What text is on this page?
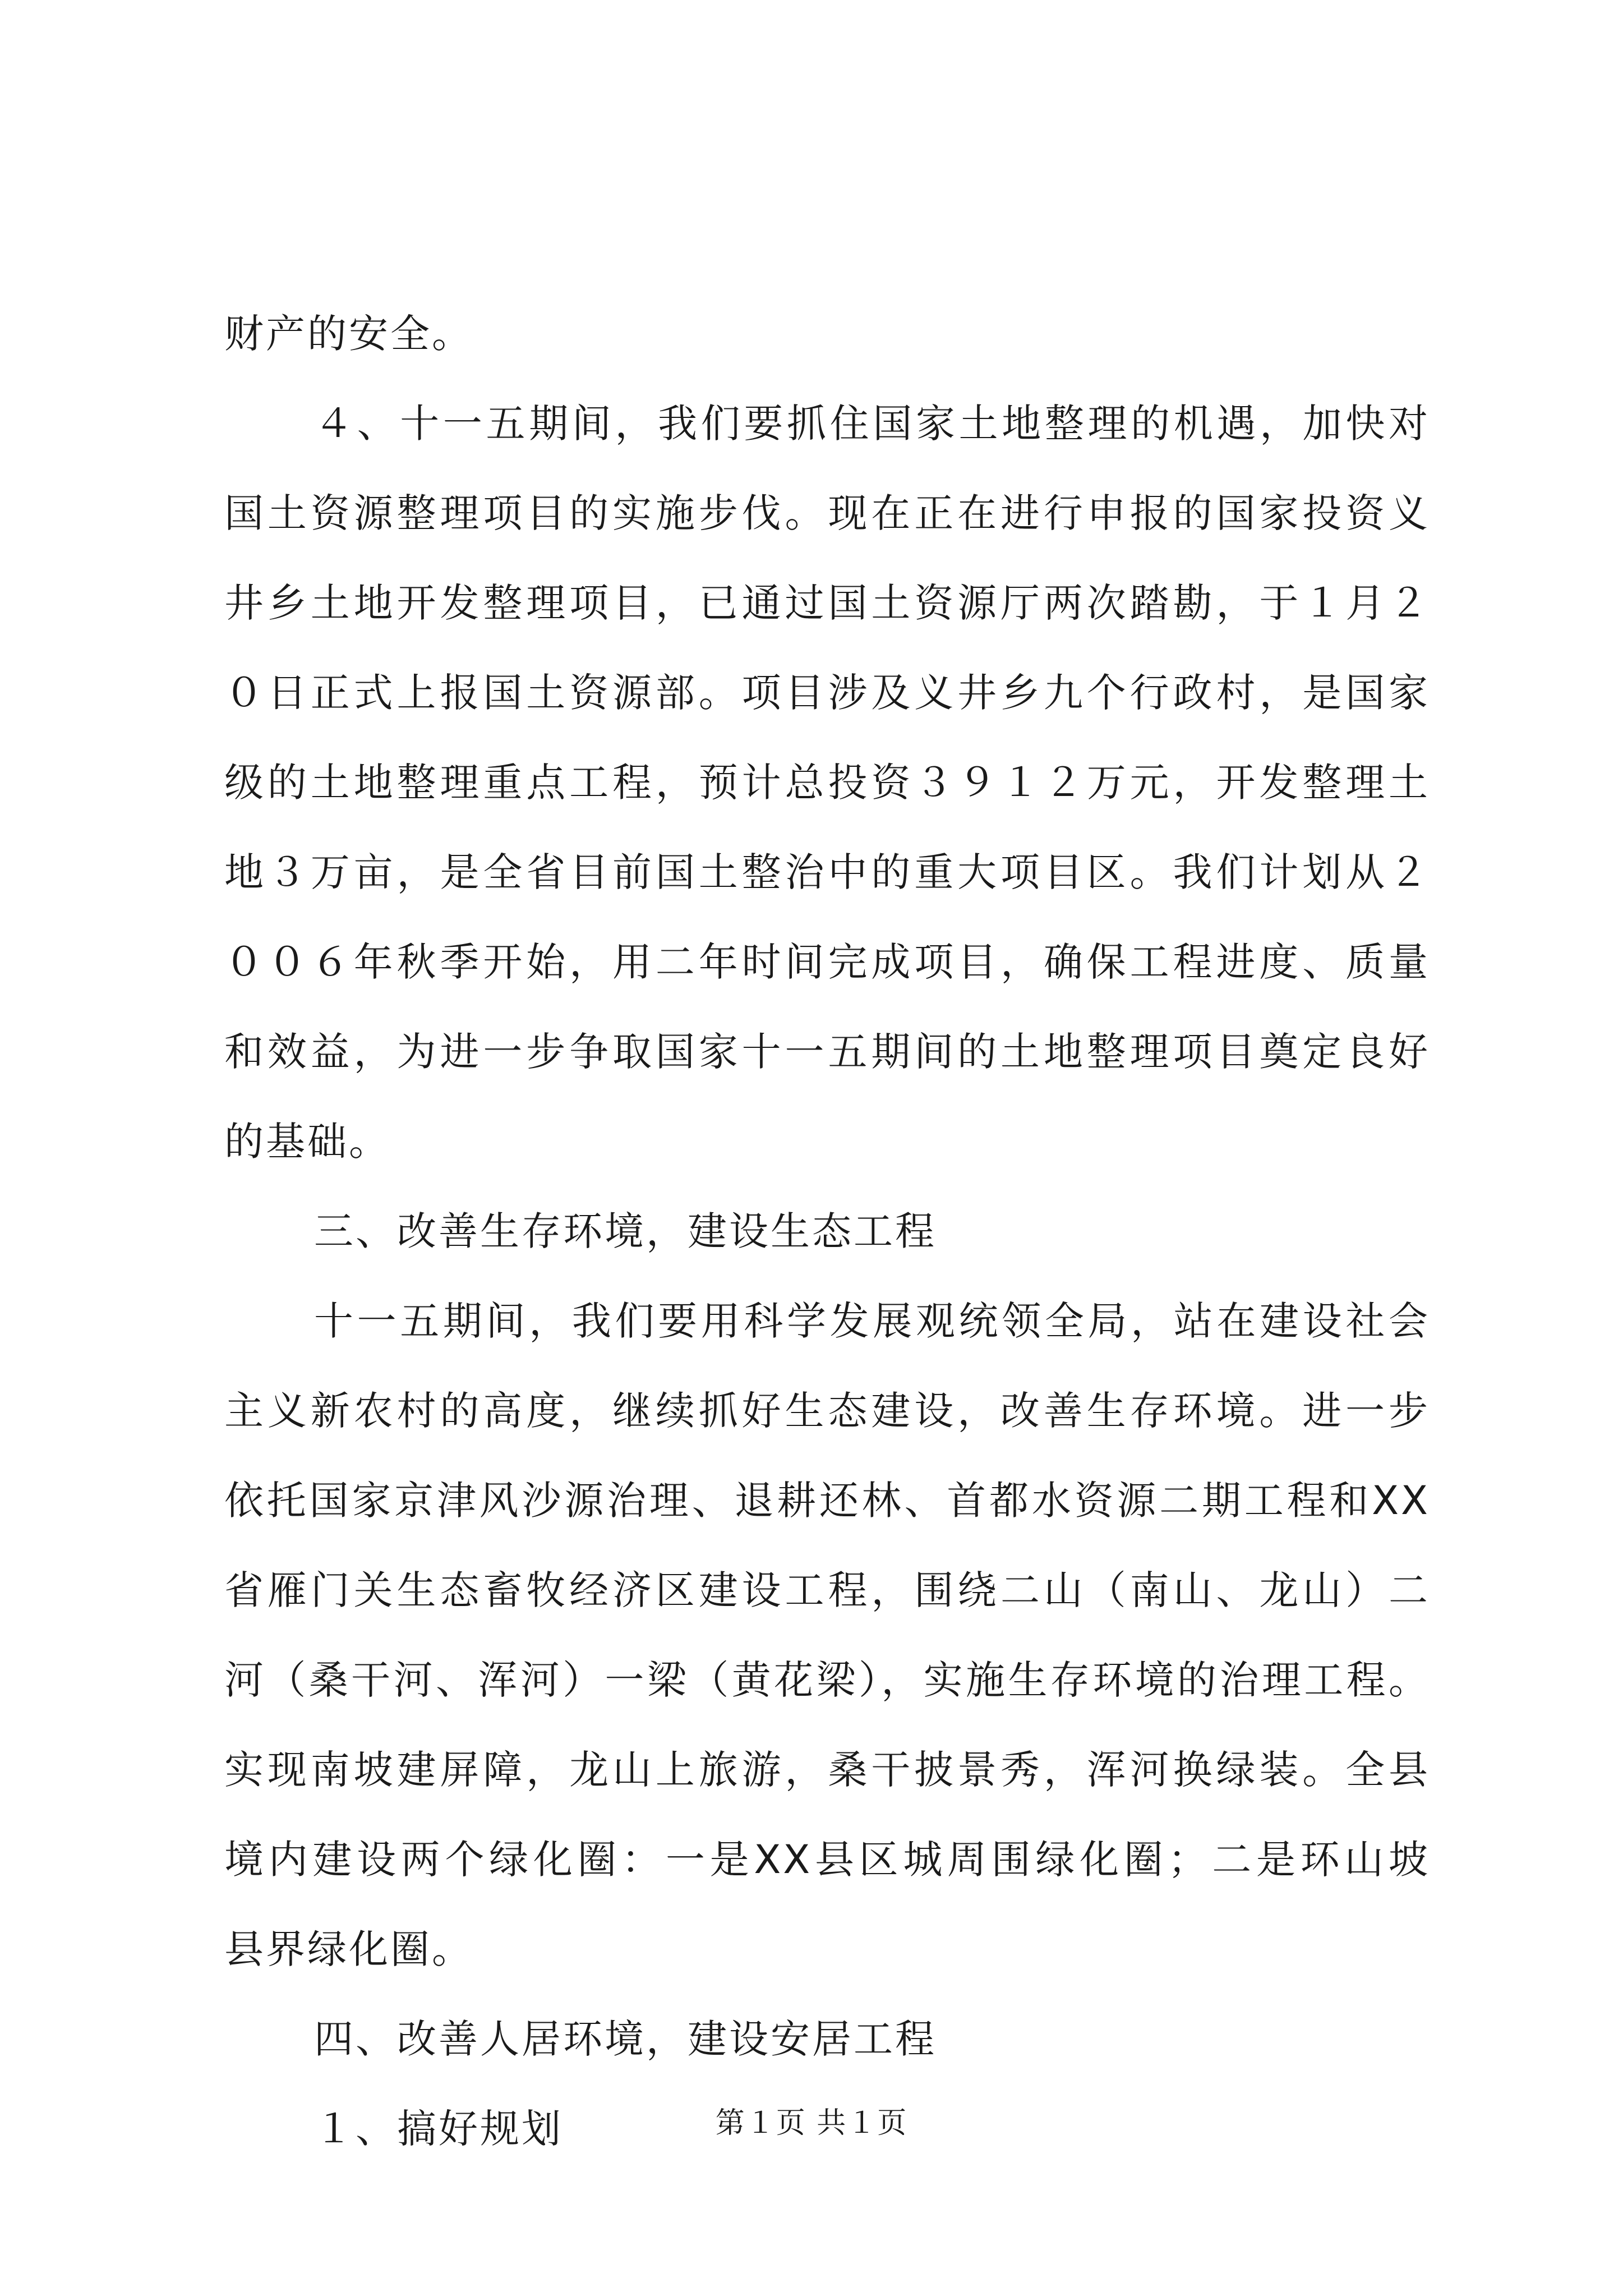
财产的安全。
４、十一五期间，我们要抓住国家土地整理的机遇，加快对
国土资源整理项目的实施步伐。现在正在进行申报的国家投资义
井乡土地开发整理项目，已通过国土资源厅两次踏勘，于１月２
０日正式上报国土资源部。项目涉及义井乡九个行政村，是国家
级的土地整理重点工程，预计总投资３９１２万元，开发整理土
地３万亩，是全省目前国土整治中的重大项目区。我们计划从２
００６年秋季开始，用二年时间完成项目，确保工程进度、质量
和效益，为进一步争取国家十一五期间的土地整理项目奠定良好
的基础。
三、改善生存环境，建设生态工程
十一五期间，我们要用科学发展观统领全局，站在建设社会
主义新农村的高度，继续抓好生态建设，改善生存环境。进一步
依托国家京津风沙源治理、退耕还林、首都水资源二期工程和XX
省雁门关生态畜牧经济区建设工程，围绕二山（南山、龙山）二
河（桑干河、浑河）一梁（黄花梁），实施生存环境的治理工程。
实现南坡建屏障，龙山上旅游，桑干披景秀，浑河换绿装。全县
境内建设两个绿化圈：一是XX县区城周围绿化圈；二是环山坡
县界绿化圈。
四、改善人居环境，建设安居工程
１、搞好规划	第１页 共１页
